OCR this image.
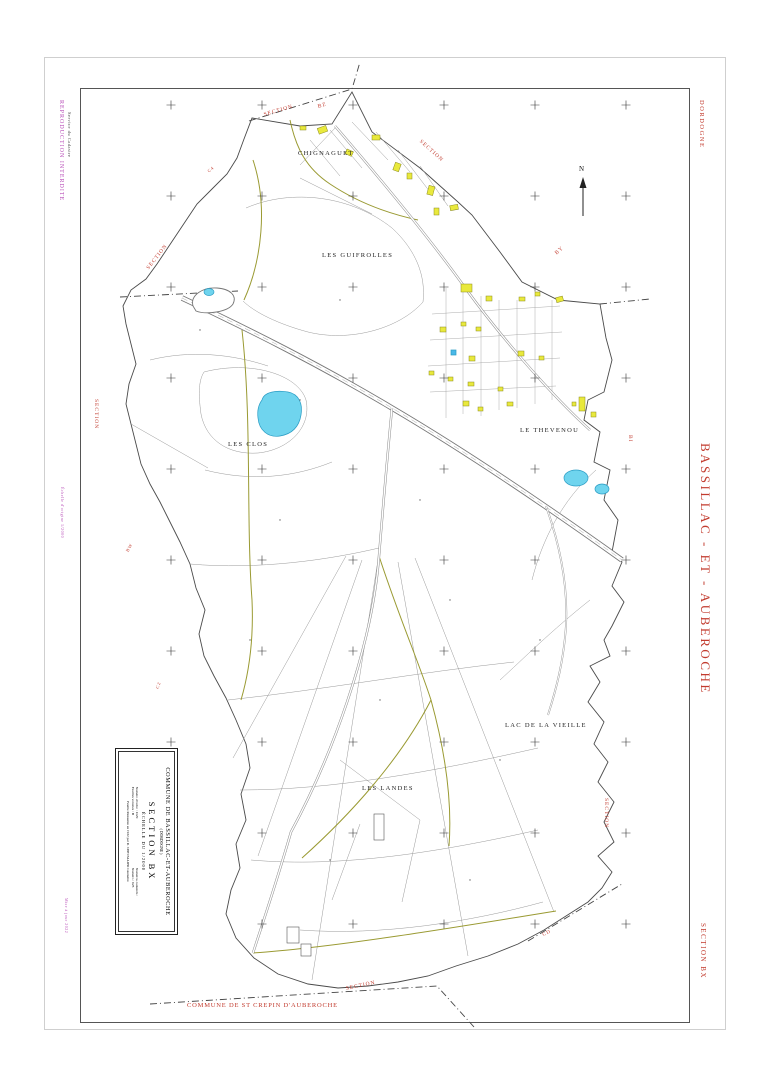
SECTION	BZ
SECTION
SECTION
C4
BY
SECTION
BI
BW
C2
SECTION
CD
SECTION
CHIGNAGUET
LES GUIFROLLES
LES CLOS
LE THEVENOU
LAC DE LA VIEILLE
LES LANDES
N
COMMUNE DE ST CREPIN D'AUBEROCHE
DORDOGNE
BASSILLAC - ET - AUBEROCHE
SECTION BX
REPRODUCTION INTERDITE Service du Cadastre
Échelle d'origine 1/2000
Mise à jour 2022	COMMUNE DE BASSILLAC-ET-AUBEROCHE
( DORDOGNE )
SECTION BX
ÉCHELLE DU 1/2000
Numéro d'ordre : 1129
Feuilles voisines : B
Numéros cadastrés :
Numéro : 625
Feuille Remaniée en 1932 par R. CHEVALLIER Géomètre
